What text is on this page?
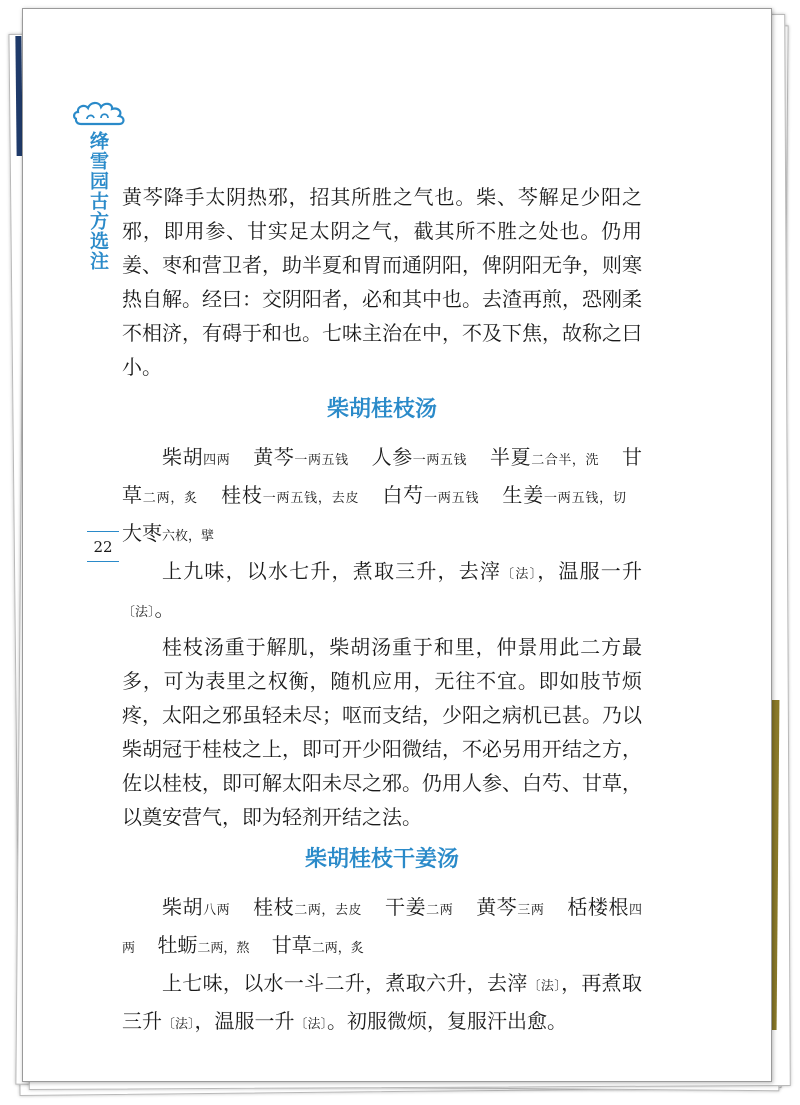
绛雪园古方选注
22

黄芩降手太阴热邪，招其所胜之气也。柴、芩解足少阳之邪，即用参、甘实足太阴之气，截其所不胜之处也。仍用姜、枣和营卫者，助半夏和胃而通阴阳，俾阴阳无争，则寒热自解。经曰：交阴阳者，必和其中也。去渣再煎，恐刚柔不相济，有碍于和也。七味主治在中，不及下焦，故称之曰小。

柴胡桂枝汤

柴胡四两 黄芩一两五钱 人参一两五钱 半夏二合半，洗 甘草二两，炙 桂枝一两五钱，去皮 白芍一两五钱 生姜一两五钱，切 大枣六枚，擘

上九味，以水七升，煮取三升，去滓〔法〕，温服一升〔法〕。

桂枝汤重于解肌，柴胡汤重于和里，仲景用此二方最多，可为表里之权衡，随机应用，无往不宜。即如肢节烦疼，太阳之邪虽轻未尽；呕而支结，少阳之病机已甚。乃以柴胡冠于桂枝之上，即可开少阳微结，不必另用开结之方，佐以桂枝，即可解太阳未尽之邪。仍用人参、白芍、甘草，以奠安营气，即为轻剂开结之法。

柴胡桂枝干姜汤

柴胡八两 桂枝二两，去皮 干姜二两 黄芩三两 栝楼根四两 牡蛎二两，熬 甘草二两，炙

上七味，以水一斗二升，煮取六升，去滓〔法〕，再煮取三升〔法〕，温服一升〔法〕。初服微烦，复服汗出愈。
